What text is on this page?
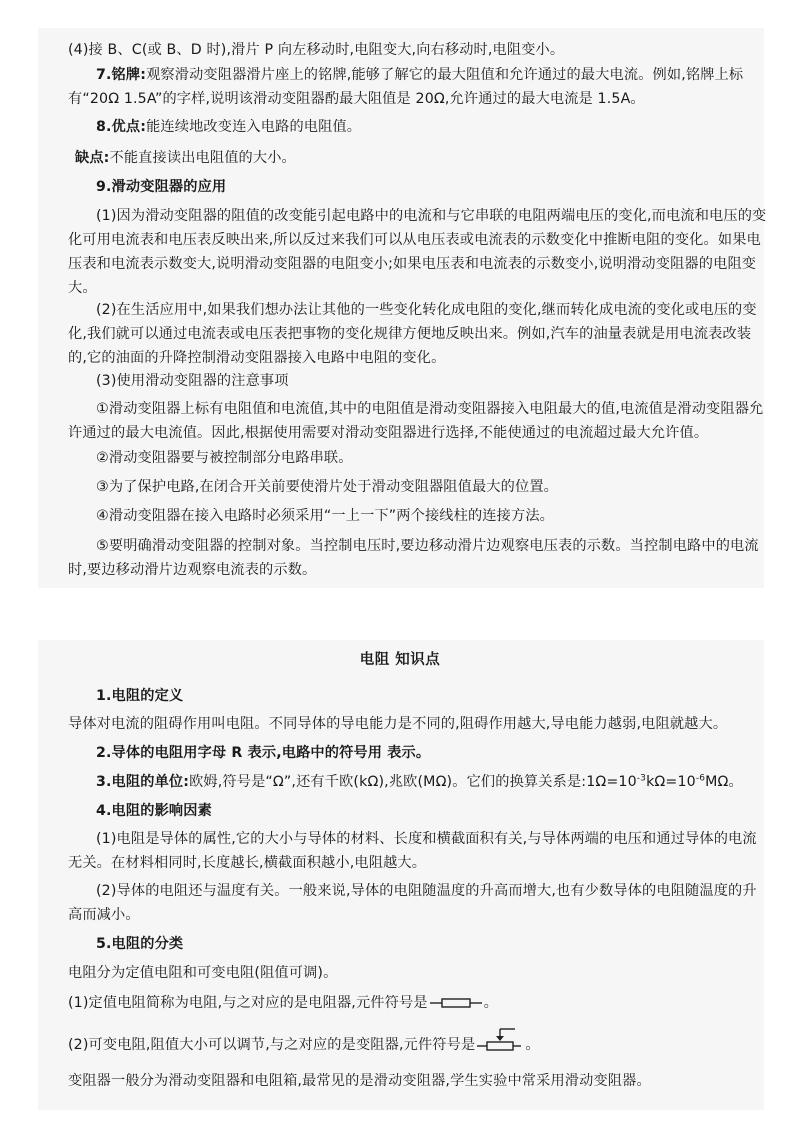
(4)接 B、C(或 B、D 时),滑片 P 向左移动时,电阻变大,向右移动时,电阻变小。
7.铭牌:观察滑动变阻器滑片座上的铭牌,能够了解它的最大阻值和允许通过的最大电流。例如,铭牌上标有“20Ω 1.5A”的字样,说明该滑动变阻器酌最大阻值是 20Ω,允许通过的最大电流是 1.5A。
8.优点:能连续地改变连入电路的电阻值。
缺点:不能直接读出电阻值的大小。
9.滑动变阻器的应用
(1)因为滑动变阻器的阻值的改变能引起电路中的电流和与它串联的电阻两端电压的变化,而电流和电压的变化可用电流表和电压表反映出来,所以反过来我们可以从电压表或电流表的示数变化中推断电阻的变化。如果电压表和电流表示数变大,说明滑动变阻器的电阻变小;如果电压表和电流表的示数变小,说明滑动变阻器的电阻变大。
(2)在生活应用中,如果我们想办法让其他的一些变化转化成电阻的变化,继而转化成电流的变化或电压的变化,我们就可以通过电流表或电压表把事物的变化规律方便地反映出来。例如,汽车的油量表就是用电流表改装的,它的油面的升降控制滑动变阻器接入电路中电阻的变化。
(3)使用滑动变阻器的注意事项
①滑动变阻器上标有电阻值和电流值,其中的电阻值是滑动变阻器接入电阻最大的值,电流值是滑动变阻器允许通过的最大电流值。因此,根据使用需要对滑动变阻器进行选择,不能使通过的电流超过最大允许值。
②滑动变阻器要与被控制部分电路串联。
③为了保护电路,在闭合开关前要使滑片处于滑动变阻器阻值最大的位置。
④滑动变阻器在接入电路时必须采用“一上一下”两个接线柱的连接方法。
⑤要明确滑动变阻器的控制对象。当控制电压时,要边移动滑片边观察电压表的示数。当控制电路中的电流时,要边移动滑片边观察电流表的示数。
电阻 知识点
1.电阻的定义
导体对电流的阻碍作用叫电阻。不同导体的导电能力是不同的,阻碍作用越大,导电能力越弱,电阻就越大。
2.导体的电阻用字母 R 表示,电路中的符号用 表示。
3.电阻的单位:欧姆,符号是“Ω”,还有千欧(kΩ),兆欧(MΩ)。它们的换算关系是$:1\Omega=10^{-3}k\Omega=10^{-6}M\Omega$。
4.电阻的影响因素
(1)电阻是导体的属性,它的大小与导体的材料、长度和横截面积有关,与导体两端的电压和通过导体的电流无关。在材料相同时,长度越长,横截面积越小,电阻越大。
(2)导体的电阻还与温度有关。一般来说,导体的电阻随温度的升高而增大,也有少数导体的电阻随温度的升高而减小。
5.电阻的分类
电阻分为定值电阻和可变电阻(阻值可调)。
(1)定值电阻简称为电阻,与之对应的是电阻器,元件符号是	。
(2)可变电阻,阻值大小可以调节,与之对应的是变阻器,元件符号是	。
变阻器一般分为滑动变阻器和电阻箱,最常见的是滑动变阻器,学生实验中常采用滑动变阻器。
